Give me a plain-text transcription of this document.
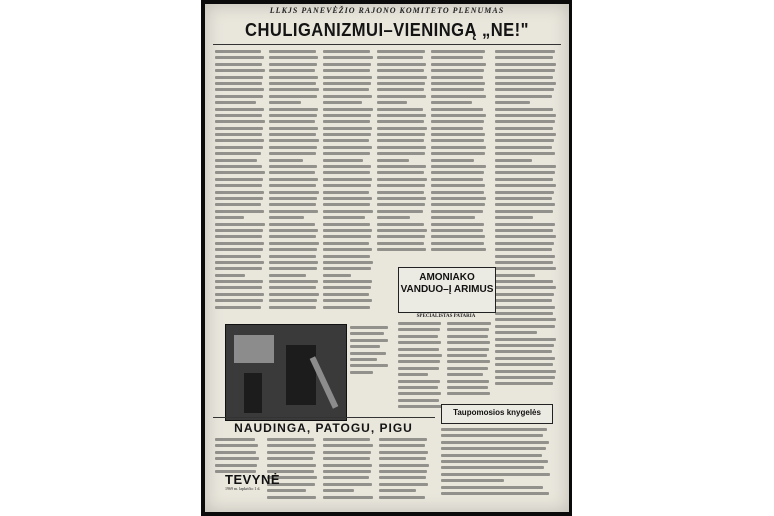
LLKJS PANEVĖŽIO RAJONO KOMITETO PLENUMAS
CHULIGANIZMUI–VIENINGĄ „NE!"
AMONIAKO
VANDUO–Į ARIMUS
SPECIALISTAS PATARIA
NAUDINGA, PATOGU, PIGU
Taupomosios knygelės
TEVYNĖ
1969 m. lapkričio 1 d.
